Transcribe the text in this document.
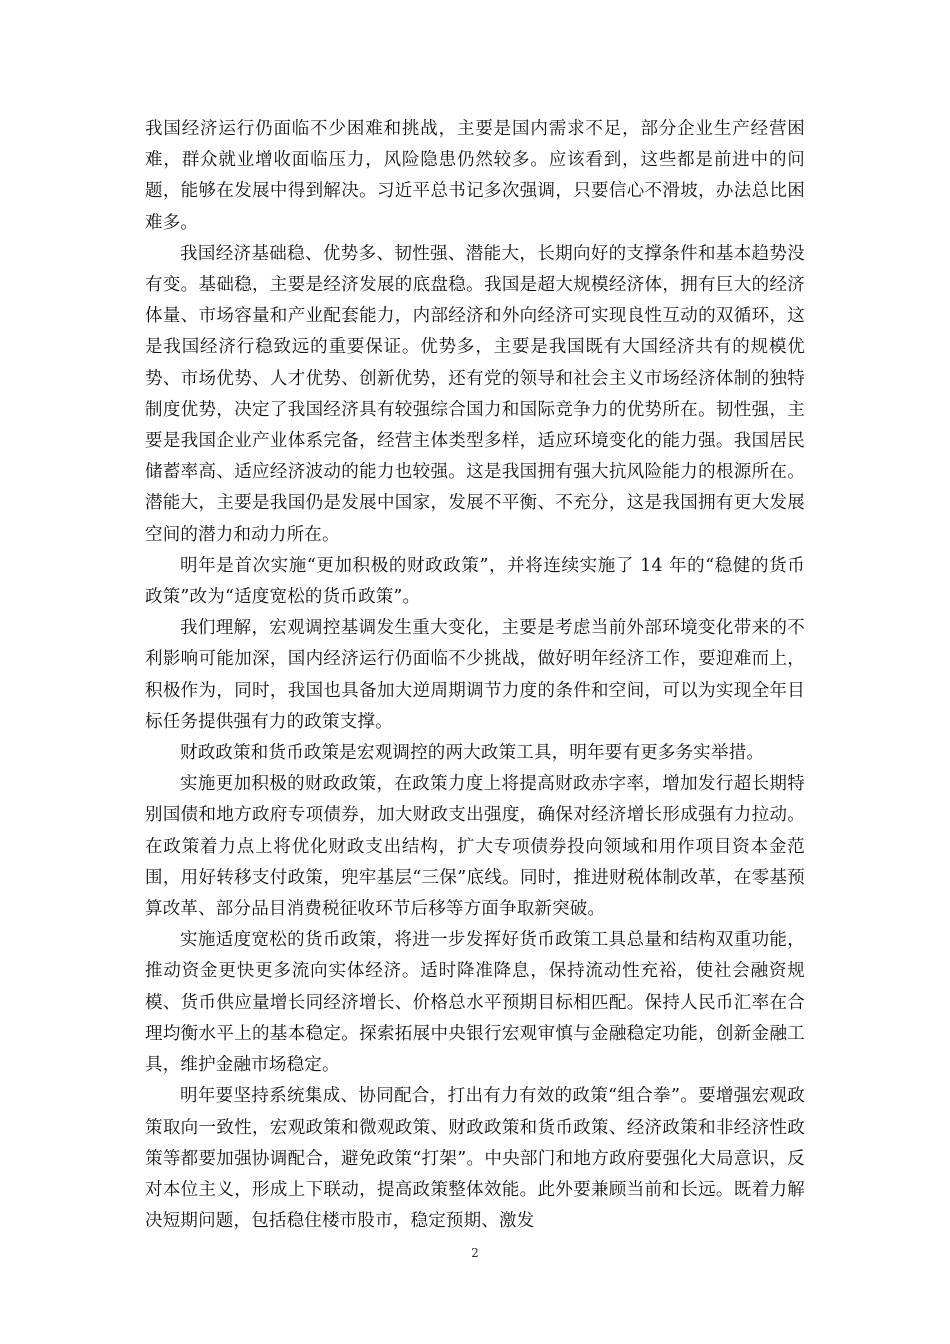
我国经济运行仍面临不少困难和挑战，主要是国内需求不足，部分企业生产经营困难，群众就业增收面临压力，风险隐患仍然较多。应该看到，这些都是前进中的问题，能够在发展中得到解决。习近平总书记多次强调，只要信心不滑坡，办法总比困难多。

我国经济基础稳、优势多、韧性强、潜能大，长期向好的支撑条件和基本趋势没有变。基础稳，主要是经济发展的底盘稳。我国是超大规模经济体，拥有巨大的经济体量、市场容量和产业配套能力，内部经济和外向经济可实现良性互动的双循环，这是我国经济行稳致远的重要保证。优势多，主要是我国既有大国经济共有的规模优势、市场优势、人才优势、创新优势，还有党的领导和社会主义市场经济体制的独特制度优势，决定了我国经济具有较强综合国力和国际竞争力的优势所在。韧性强，主要是我国企业产业体系完备，经营主体类型多样，适应环境变化的能力强。我国居民储蓄率高、适应经济波动的能力也较强。这是我国拥有强大抗风险能力的根源所在。潜能大，主要是我国仍是发展中国家，发展不平衡、不充分，这是我国拥有更大发展空间的潜力和动力所在。

明年是首次实施“更加积极的财政政策”，并将连续实施了 14 年的“稳健的货币政策”改为“适度宽松的货币政策”。

我们理解，宏观调控基调发生重大变化，主要是考虑当前外部环境变化带来的不利影响可能加深，国内经济运行仍面临不少挑战，做好明年经济工作，要迎难而上，积极作为，同时，我国也具备加大逆周期调节力度的条件和空间，可以为实现全年目标任务提供强有力的政策支撑。

财政政策和货币政策是宏观调控的两大政策工具，明年要有更多务实举措。

实施更加积极的财政政策，在政策力度上将提高财政赤字率，增加发行超长期特别国债和地方政府专项债券，加大财政支出强度，确保对经济增长形成强有力拉动。在政策着力点上将优化财政支出结构，扩大专项债券投向领域和用作项目资本金范围，用好转移支付政策，兜牢基层“三保”底线。同时，推进财税体制改革，在零基预算改革、部分品目消费税征收环节后移等方面争取新突破。

实施适度宽松的货币政策，将进一步发挥好货币政策工具总量和结构双重功能，推动资金更快更多流向实体经济。适时降准降息，保持流动性充裕，使社会融资规模、货币供应量增长同经济增长、价格总水平预期目标相匹配。保持人民币汇率在合理均衡水平上的基本稳定。探索拓展中央银行宏观审慎与金融稳定功能，创新金融工具，维护金融市场稳定。

明年要坚持系统集成、协同配合，打出有力有效的政策“组合拳”。要增强宏观政策取向一致性，宏观政策和微观政策、财政政策和货币政策、经济政策和非经济性政策等都要加强协调配合，避免政策“打架”。中央部门和地方政府要强化大局意识，反对本位主义，形成上下联动，提高政策整体效能。此外要兼顾当前和长远。既着力解决短期问题，包括稳住楼市股市，稳定预期、激发

2
